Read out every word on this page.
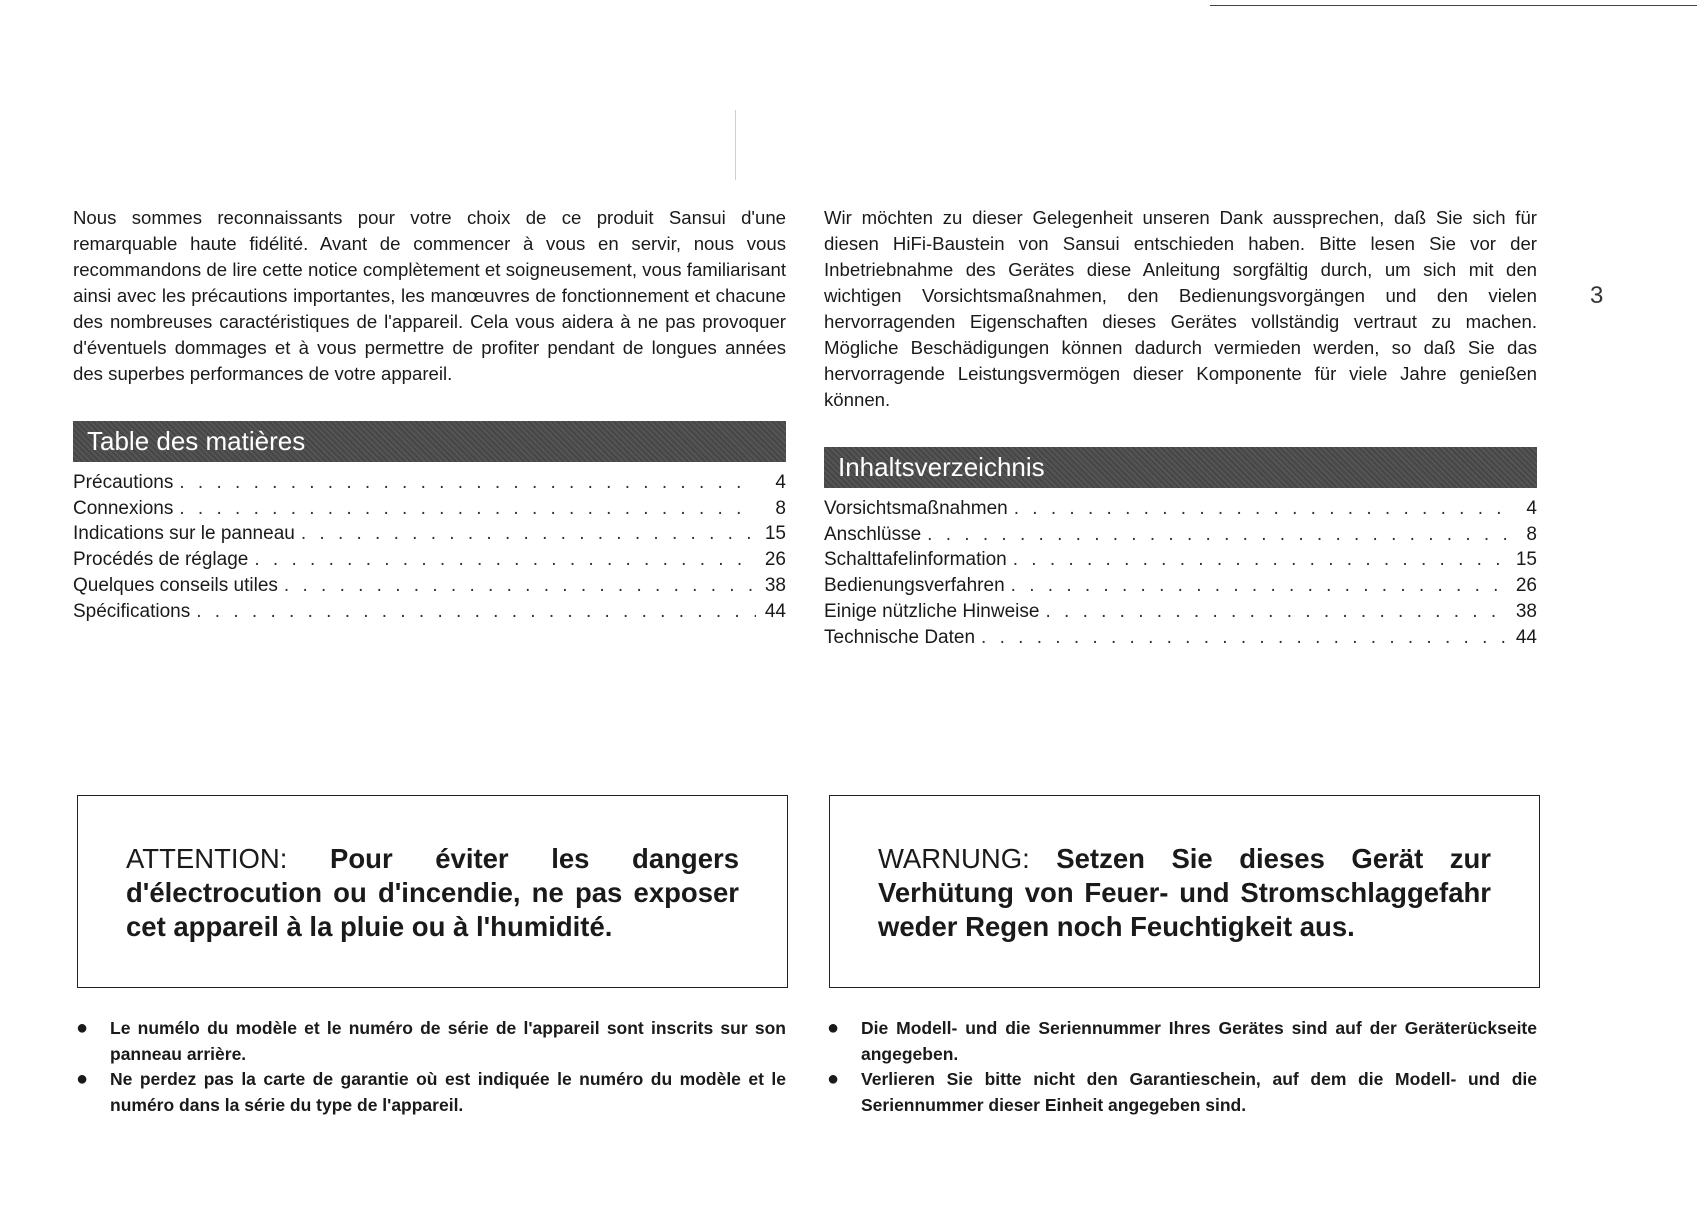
3

Nous sommes reconnaissants pour votre choix de ce produit Sansui d'une remarquable haute fidélité. Avant de commencer à vous en servir, nous vous recommandons de lire cette notice complètement et soigneusement, vous familiarisant ainsi avec les précautions importantes, les manœuvres de fonctionnement et chacune des nombreuses caractéristiques de l'appareil. Cela vous aidera à ne pas provoquer d'éventuels dommages et à vous permettre de profiter pendant de longues années des superbes performances de votre appareil.

Table des matières
Précautions . . .	4
Connexions . . .	8
Indications sur le panneau . . .	15
Procédés de réglage . . .	26
Quelques conseils utiles . . .	38
Spécifications . . .	44

Wir möchten zu dieser Gelegenheit unseren Dank aussprechen, daß Sie sich für diesen HiFi-Baustein von Sansui entschieden haben. Bitte lesen Sie vor der Inbetriebnahme des Gerätes diese Anleitung sorgfältig durch, um sich mit den wichtigen Vorsichtsmaßnahmen, den Bedienungsvorgängen und den vielen hervorragenden Eigenschaften dieses Gerätes vollständig vertraut zu machen. Mögliche Beschädigungen können dadurch vermieden werden, so daß Sie das hervorragende Leistungsvermögen dieser Komponente für viele Jahre genießen können.

Inhaltsverzeichnis
Vorsichtsmaßnahmen . . .	4
Anschlüsse . . .	8
Schalttafelinformation . . .	15
Bedienungsverfahren . . .	26
Einige nützliche Hinweise . . .	38
Technische Daten . . .	44

ATTENTION: Pour éviter les dangers d'électrocution ou d'incendie, ne pas exposer cet appareil à la pluie ou à l'humidité.

WARNUNG: Setzen Sie dieses Gerät zur Verhütung von Feuer- und Stromschlaggefahr weder Regen noch Feuchtigkeit aus.

● Le numélo du modèle et le numéro de série de l'appareil sont inscrits sur son panneau arrière.
● Ne perdez pas la carte de garantie où est indiquée le numéro du modèle et le numéro dans la série du type de l'appareil.
● Die Modell- und die Seriennummer Ihres Gerätes sind auf der Geräterückseite angegeben.
● Verlieren Sie bitte nicht den Garantieschein, auf dem die Modell- und die Seriennummer dieser Einheit angegeben sind.
